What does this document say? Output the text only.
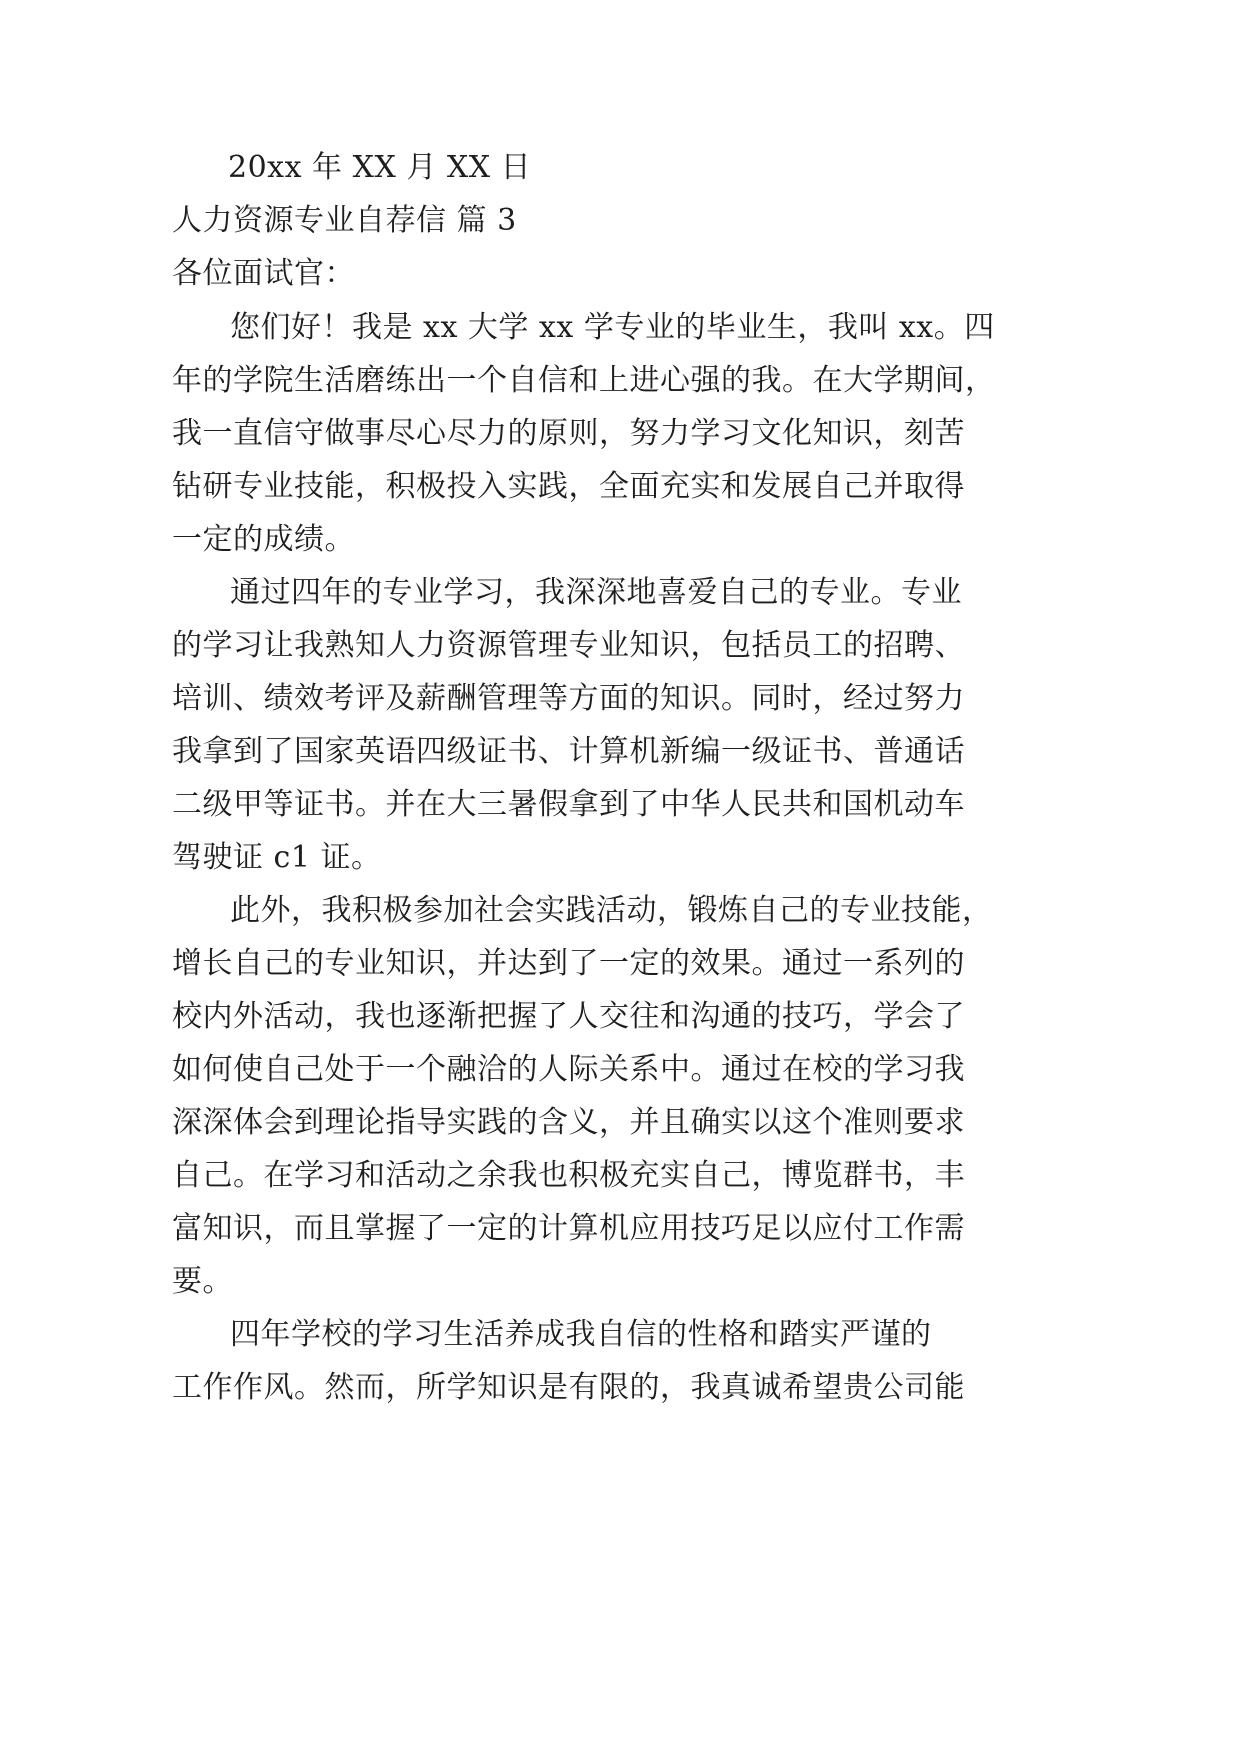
20xx 年 XX 月 XX 日

人力资源专业自荐信 篇 3

各位面试官：

您们好！我是 xx 大学 xx 学专业的毕业生，我叫 xx。四

年的学院生活磨练出一个自信和上进心强的我。在大学期间，

我一直信守做事尽心尽力的原则，努力学习文化知识，刻苦

钻研专业技能，积极投入实践，全面充实和发展自己并取得

一定的成绩。

通过四年的专业学习，我深深地喜爱自己的专业。专业

的学习让我熟知人力资源管理专业知识，包括员工的招聘、

培训、绩效考评及薪酬管理等方面的知识。同时，经过努力

我拿到了国家英语四级证书、计算机新编一级证书、普通话

二级甲等证书。并在大三暑假拿到了中华人民共和国机动车

驾驶证 c1 证。

此外，我积极参加社会实践活动，锻炼自己的专业技能，

增长自己的专业知识，并达到了一定的效果。通过一系列的

校内外活动，我也逐渐把握了人交往和沟通的技巧，学会了

如何使自己处于一个融洽的人际关系中。通过在校的学习我

深深体会到理论指导实践的含义，并且确实以这个准则要求

自己。在学习和活动之余我也积极充实自己，博览群书，丰

富知识，而且掌握了一定的计算机应用技巧足以应付工作需

要。

四年学校的学习生活养成我自信的性格和踏实严谨的

工作作风。然而，所学知识是有限的，我真诚希望贵公司能
